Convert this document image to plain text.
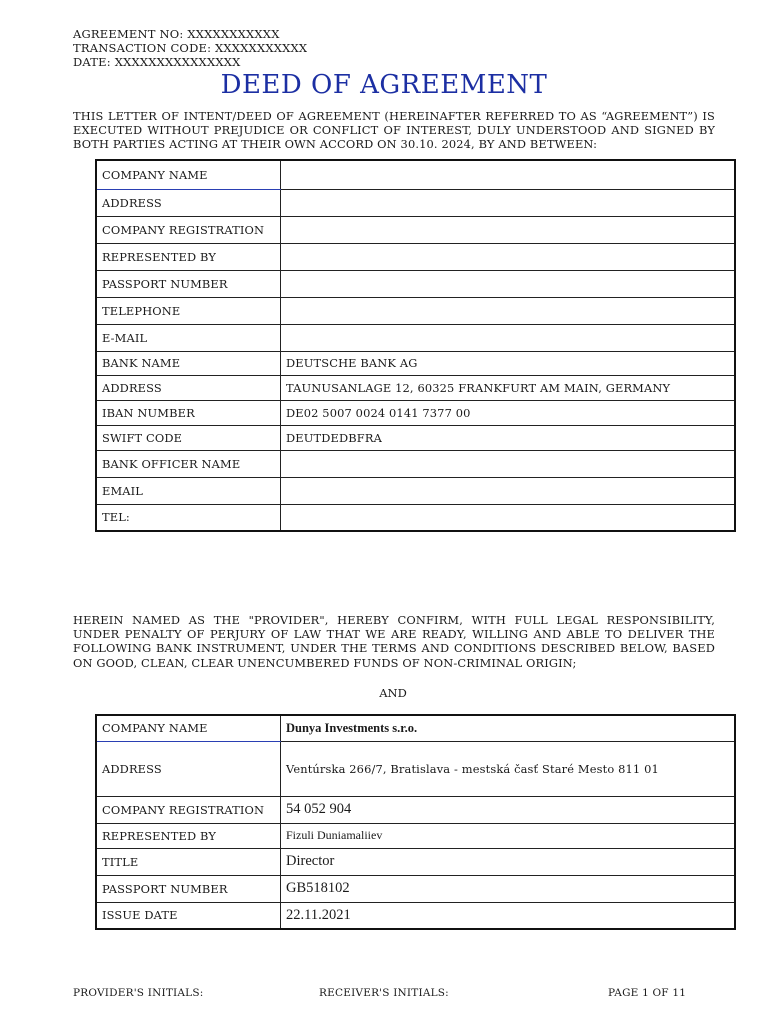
AGREEMENT NO: XXXXXXXXXXX
TRANSACTION CODE: XXXXXXXXXXX
DATE: XXXXXXXXXXXXXXX
DEED OF AGREEMENT
THIS LETTER OF INTENT/DEED OF AGREEMENT (HEREINAFTER REFERRED TO AS “AGREEMENT”) IS EXECUTED WITHOUT PREJUDICE OR CONFLICT OF INTEREST, DULY UNDERSTOOD AND SIGNED BY BOTH PARTIES ACTING AT THEIR OWN ACCORD ON 30.10. 2024, BY AND BETWEEN:
COMPANY NAME	
ADDRESS	
COMPANY REGISTRATION	
REPRESENTED BY	
PASSPORT NUMBER	
TELEPHONE	
E-MAIL	
BANK NAME	DEUTSCHE BANK AG
ADDRESS	TAUNUSANLAGE 12, 60325 FRANKFURT AM MAIN, GERMANY
IBAN NUMBER	DE02 5007 0024 0141 7377 00
SWIFT CODE	DEUTDEDBFRA
BANK OFFICER NAME	
EMAIL	
TEL:	
HEREIN NAMED AS THE "PROVIDER", HEREBY CONFIRM, WITH FULL LEGAL RESPONSIBILITY, UNDER PENALTY OF PERJURY OF LAW THAT WE ARE READY, WILLING AND ABLE TO DELIVER THE FOLLOWING BANK INSTRUMENT, UNDER THE TERMS AND CONDITIONS DESCRIBED BELOW, BASED ON GOOD, CLEAN, CLEAR UNENCUMBERED FUNDS OF NON-CRIMINAL ORIGIN;
AND
COMPANY NAME	Dunya Investments s.r.o.
ADDRESS	Ventúrska 266/7, Bratislava - mestská časť Staré Mesto 811 01
COMPANY REGISTRATION	54 052 904
REPRESENTED BY	Fizuli Duniamaliiev
TITLE	Director
PASSPORT NUMBER	GB518102
ISSUE DATE	22.11.2021
PROVIDER'S INITIALS:	RECEIVER'S INITIALS:	PAGE 1 OF 11
